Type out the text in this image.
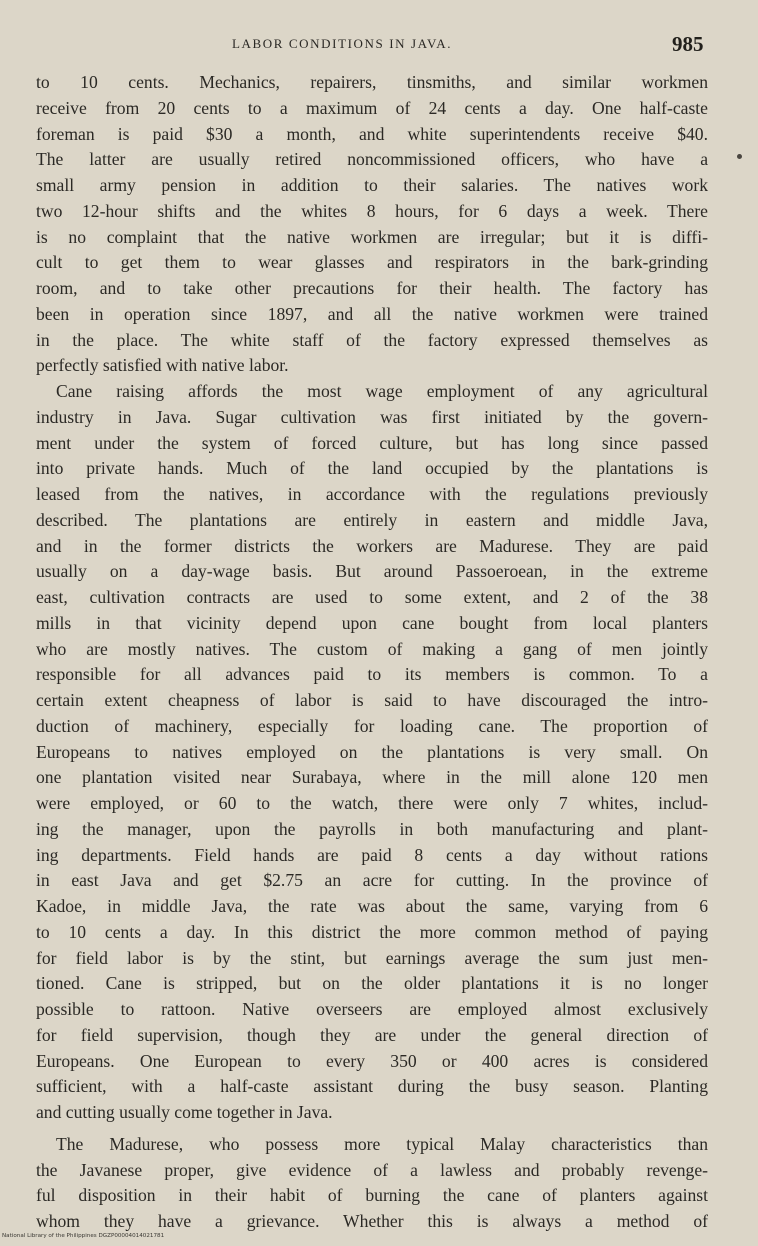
LABOR CONDITIONS IN JAVA.	985
to 10 cents. Mechanics, repairers, tinsmiths, and similar workmen
receive from 20 cents to a maximum of 24 cents a day. One half-caste
foreman is paid $30 a month, and white superintendents receive $40.
The latter are usually retired noncommissioned officers, who have a
small army pension in addition to their salaries. The natives work
two 12-hour shifts and the whites 8 hours, for 6 days a week. There
is no complaint that the native workmen are irregular; but it is diffi-
cult to get them to wear glasses and respirators in the bark-grinding
room, and to take other precautions for their health. The factory has
been in operation since 1897, and all the native workmen were trained
in the place. The white staff of the factory expressed themselves as
perfectly satisfied with native labor.
Cane raising affords the most wage employment of any agricultural
industry in Java. Sugar cultivation was first initiated by the govern-
ment under the system of forced culture, but has long since passed
into private hands. Much of the land occupied by the plantations is
leased from the natives, in accordance with the regulations previously
described. The plantations are entirely in eastern and middle Java,
and in the former districts the workers are Madurese. They are paid
usually on a day-wage basis. But around Passoeroean, in the extreme
east, cultivation contracts are used to some extent, and 2 of the 38
mills in that vicinity depend upon cane bought from local planters
who are mostly natives. The custom of making a gang of men jointly
responsible for all advances paid to its members is common. To a
certain extent cheapness of labor is said to have discouraged the intro-
duction of machinery, especially for loading cane. The proportion of
Europeans to natives employed on the plantations is very small. On
one plantation visited near Surabaya, where in the mill alone 120 men
were employed, or 60 to the watch, there were only 7 whites, includ-
ing the manager, upon the payrolls in both manufacturing and plant-
ing departments. Field hands are paid 8 cents a day without rations
in east Java and get $2.75 an acre for cutting. In the province of
Kadoe, in middle Java, the rate was about the same, varying from 6
to 10 cents a day. In this district the more common method of paying
for field labor is by the stint, but earnings average the sum just men-
tioned. Cane is stripped, but on the older plantations it is no longer
possible to rattoon. Native overseers are employed almost exclusively
for field supervision, though they are under the general direction of
Europeans. One European to every 350 or 400 acres is considered
sufficient, with a half-caste assistant during the busy season. Planting
and cutting usually come together in Java.
The Madurese, who possess more typical Malay characteristics than
the Javanese proper, give evidence of a lawless and probably revenge-
ful disposition in their habit of burning the cane of planters against
whom they have a grievance. Whether this is always a method of
National Library of the Philippines DGZP00004014021781
